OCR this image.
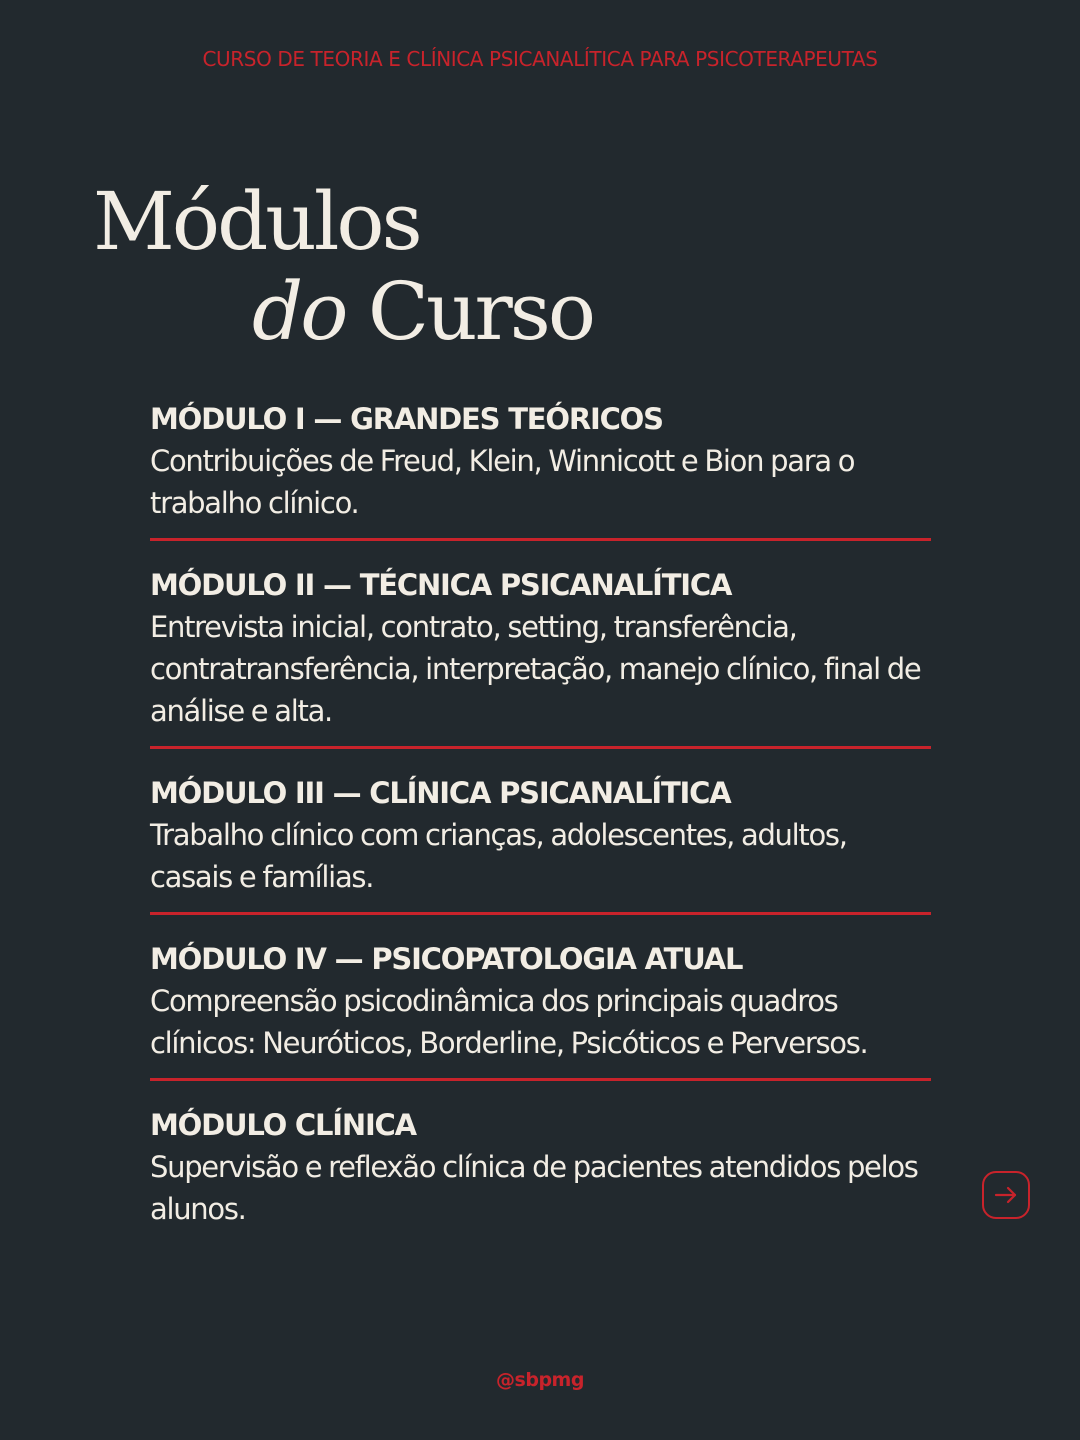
CURSO DE TEORIA E CLÍNICA PSICANALÍTICA PARA PSICOTERAPEUTAS
Módulos
do Curso
MÓDULO I — GRANDES TEÓRICOS
Contribuições de Freud, Klein, Winnicott e Bion para o trabalho clínico.
MÓDULO II — TÉCNICA PSICANALÍTICA
Entrevista inicial, contrato, setting, transferência, contratransferência, interpretação, manejo clínico, final de análise e alta.
MÓDULO III — CLÍNICA PSICANALÍTICA
Trabalho clínico com crianças, adolescentes, adultos, casais e famílias.
MÓDULO IV — PSICOPATOLOGIA ATUAL
Compreensão psicodinâmica dos principais quadros clínicos: Neuróticos, Borderline, Psicóticos e Perversos.
MÓDULO CLÍNICA
Supervisão e reflexão clínica de pacientes atendidos pelos alunos.
@sbpmg
